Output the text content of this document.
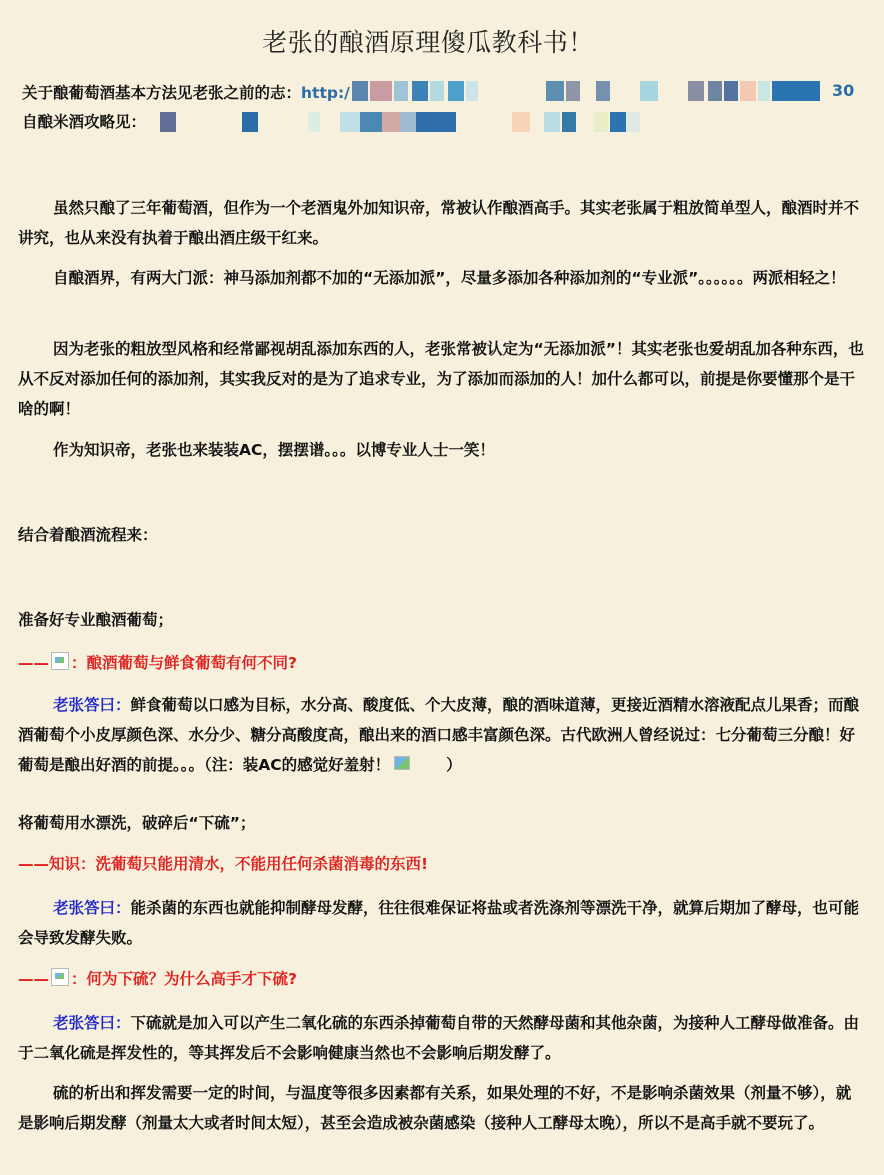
老张的酿酒原理傻瓜教科书！
关于酿葡萄酒基本方法见老张之前的志：http:/	30
自酿米酒攻略见：

虽然只酿了三年葡萄酒，但作为一个老酒鬼外加知识帝，常被认作酿酒高手。其实老张属于粗放简单型人，酿酒时并不讲究，也从来没有执着于酿出酒庄级干红来。

自酿酒界，有两大门派：神马添加剂都不加的“无添加派”，尽量多添加各种添加剂的“专业派”。。。。。。两派相轻之！

因为老张的粗放型风格和经常鄙视胡乱添加东西的人，老张常被认定为“无添加派”！其实老张也爱胡乱加各种东西，也从不反对添加任何的添加剂，其实我反对的是为了追求专业，为了添加而添加的人！加什么都可以，前提是你要懂那个是干啥的啊！

作为知识帝，老张也来装装AC，摆摆谱。。。以博专业人士一笑！

结合着酿酒流程来：

准备好专业酿酒葡萄；

—— ：酿酒葡萄与鲜食葡萄有何不同?

老张答曰：鲜食葡萄以口感为目标，水分高、酸度低、个大皮薄，酿的酒味道薄，更接近酒精水溶液配点儿果香；而酿酒葡萄个小皮厚颜色深、水分少、糖分高酸度高，酿出来的酒口感丰富颜色深。古代欧洲人曾经说过：七分葡萄三分酿！好葡萄是酿出好酒的前提。。。（注：装AC的感觉好羞射！	）

将葡萄用水漂洗，破碎后“下硫”；

——知识：洗葡萄只能用清水，不能用任何杀菌消毒的东西!

老张答曰：能杀菌的东西也就能抑制酵母发酵，往往很难保证将盐或者洗涤剂等漂洗干净，就算后期加了酵母，也可能会导致发酵失败。

—— ：何为下硫？为什么高手才下硫?

老张答曰：下硫就是加入可以产生二氧化硫的东西杀掉葡萄自带的天然酵母菌和其他杂菌，为接种人工酵母做准备。由于二氧化硫是挥发性的，等其挥发后不会影响健康当然也不会影响后期发酵了。

硫的析出和挥发需要一定的时间，与温度等很多因素都有关系，如果处理的不好，不是影响杀菌效果（剂量不够），就是影响后期发酵（剂量太大或者时间太短），甚至会造成被杂菌感染（接种人工酵母太晚），所以不是高手就不要玩了。
